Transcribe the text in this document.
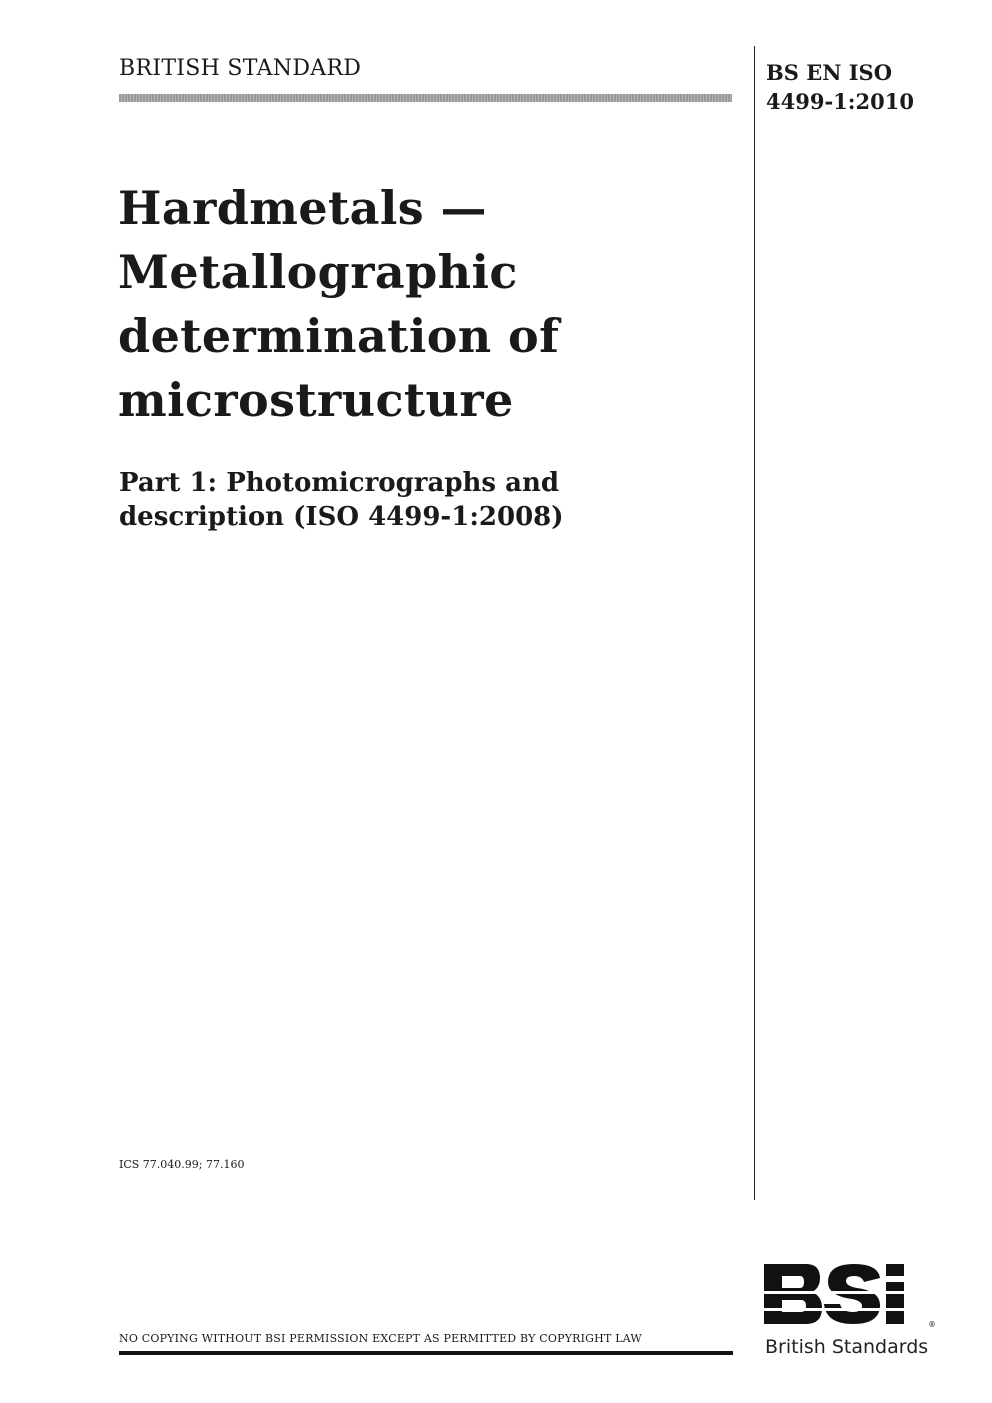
BRITISH STANDARD	BS EN ISO
4499-1:2010
Hardmetals —
Metallographic
determination of
microstructure
Part 1: Photomicrographs and
description (ISO 4499-1:2008)
ICS 77.040.99; 77.160
NO COPYING WITHOUT BSI PERMISSION EXCEPT AS PERMITTED BY COPYRIGHT LAW
®
British Standards
